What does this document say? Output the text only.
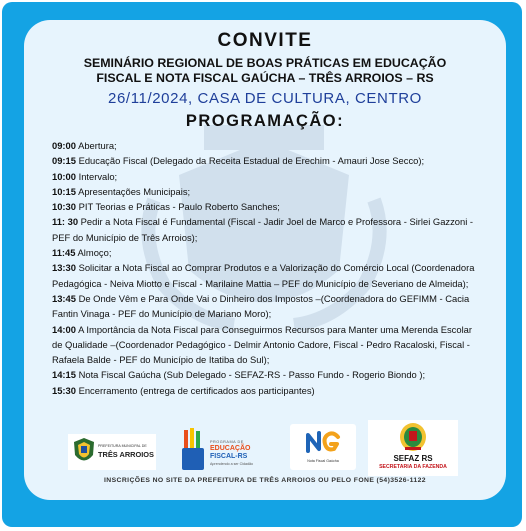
CONVITE
SEMINÁRIO REGIONAL DE BOAS PRÁTICAS EM EDUCAÇÃO
FISCAL E NOTA FISCAL GAÚCHA – TRÊS ARROIOS – RS
26/11/2024, CASA DE CULTURA, CENTRO
PROGRAMAÇÃO:

09:00 Abertura;

09:15 Educação Fiscal (Delegado da Receita Estadual de Erechim - Amauri Jose Secco);

10:00 Intervalo;

10:15 Apresentações Municipais;

10:30 PIT Teorias e Práticas - Paulo Roberto Sanches;

11: 30 Pedir a Nota Fiscal é Fundamental (Fiscal - Jadir Joel de Marco e Professora - Sirlei Gazzoni - PEF do Município de Três Arroios);

11:45 Almoço;

13:30 Solicitar a Nota Fiscal ao Comprar Produtos e a Valorização do Comércio Local (Coordenadora Pedagógica - Neiva Miotto e Fiscal - Marilaine Mattia – PEF do Município de Severiano de Almeida);

13:45 De Onde Vêm e Para Onde Vai o Dinheiro dos Impostos –(Coordenadora do GEFIMM - Cacia Fantin Vinaga - PEF do Município de Mariano Moro);

14:00 A Importância da Nota Fiscal para Conseguirmos Recursos para Manter uma Merenda Escolar de Qualidade –(Coordenador Pedagógico - Delmir Antonio Cadore, Fiscal - Pedro Racaloski, Fiscal - Rafaela Balde - PEF do Município de Itatiba do Sul);

14:15 Nota Fiscal Gaúcha (Sub Delegado - SEFAZ-RS - Passo Fundo - Rogerio Biondo );

15:30 Encerramento (entrega de certificados aos participantes)

PREFEITURA MUNICIPAL DE
TRÊS ARROIOS
PROGRAMA DE
EDUCAÇÃO
FISCAL-RS
Aprendendo a ser Cidadão
Nota Fiscal Gaúcha	SEFAZ RS
SECRETARIA DA FAZENDA
INSCRIÇÕES NO SITE DA PREFEITURA DE TRÊS ARROIOS OU PELO FONE (54)3526-1122
